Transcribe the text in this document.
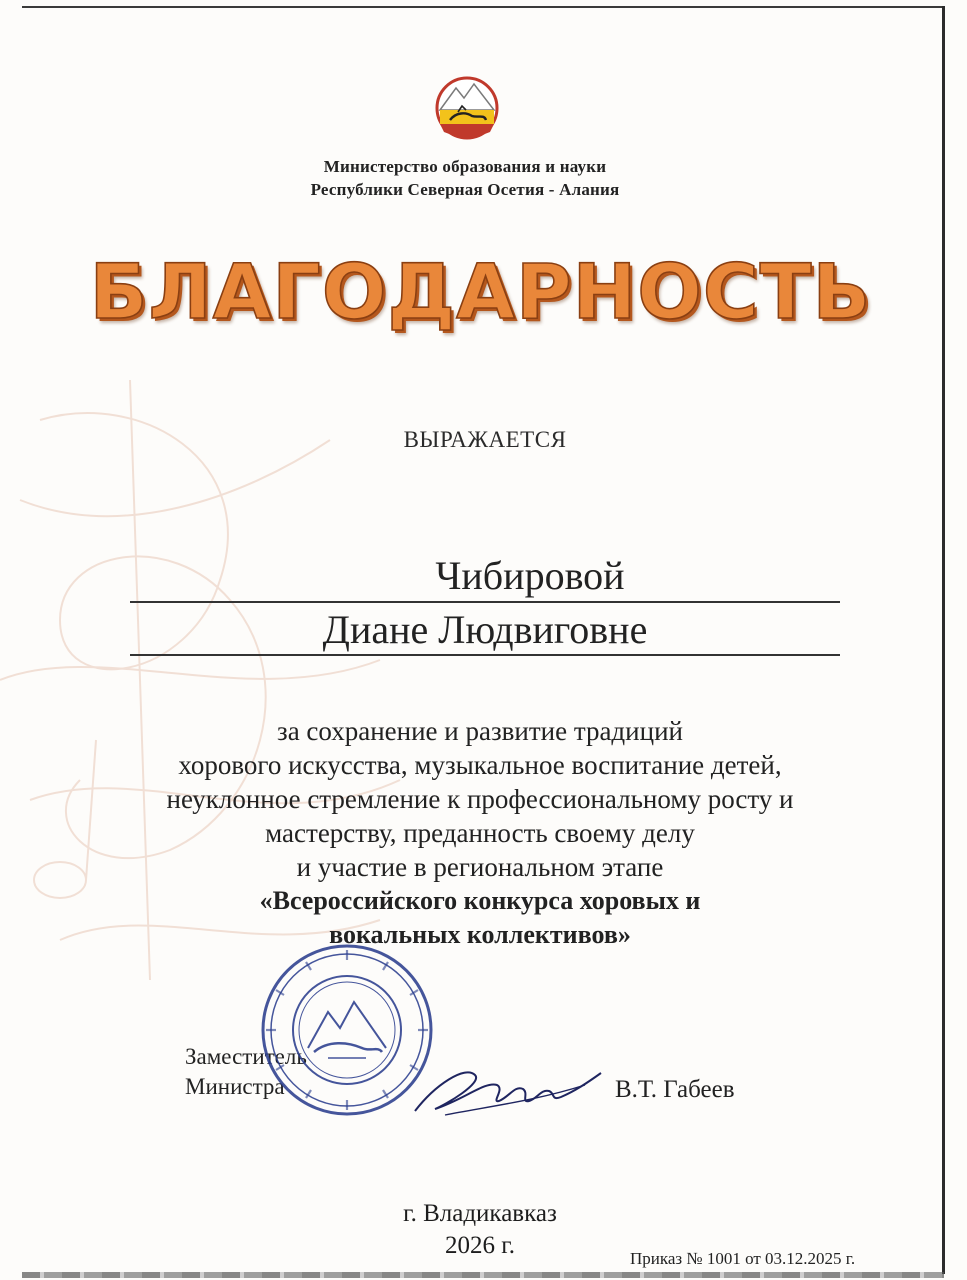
Министерство образования и науки
Республики Северная Осетия - Алания
БЛАГОДАРНОСТЬ
ВЫРАЖАЕТСЯ
Чибировой
Диане Людвиговне
за сохранение и развитие традиций
хорового искусства, музыкальное воспитание детей,
неуклонное стремление к профессиональному росту и
мастерству, преданность своему делу
и участие в региональном этапе
«Всероссийского конкурса хоровых и
вокальных коллективов»
Заместитель
Министра	В.Т. Габеев
г. Владикавказ
2026 г.	Приказ № 1001 от 03.12.2025 г.
